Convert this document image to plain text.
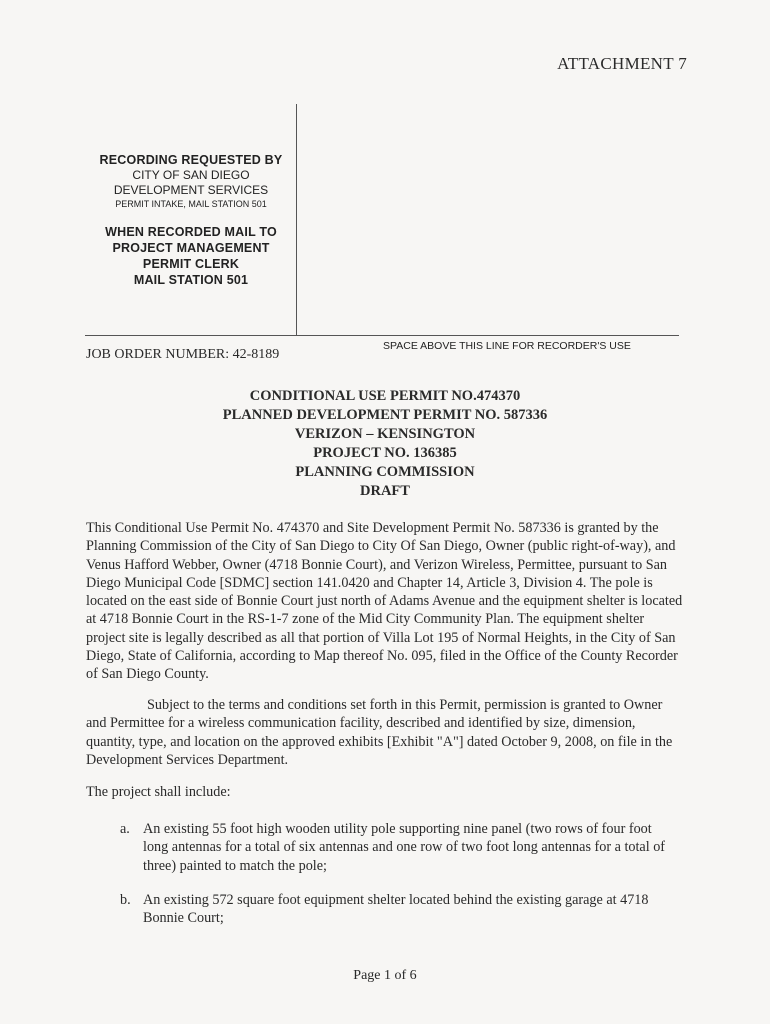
ATTACHMENT 7
RECORDING REQUESTED BY
CITY OF SAN DIEGO
DEVELOPMENT SERVICES
PERMIT INTAKE, MAIL STATION 501
WHEN RECORDED MAIL TO
PROJECT MANAGEMENT
PERMIT CLERK
MAIL STATION 501
SPACE ABOVE THIS LINE FOR RECORDER'S USE
JOB ORDER NUMBER: 42-8189
CONDITIONAL USE PERMIT NO.474370
PLANNED DEVELOPMENT PERMIT NO. 587336
VERIZON – KENSINGTON
PROJECT NO. 136385
PLANNING COMMISSION
DRAFT
This Conditional Use Permit No. 474370 and Site Development Permit No. 587336 is granted by the Planning Commission of the City of San Diego to City Of San Diego, Owner (public right-of-way), and Venus Hafford Webber, Owner (4718 Bonnie Court), and Verizon Wireless, Permittee, pursuant to San Diego Municipal Code [SDMC] section 141.0420 and Chapter 14, Article 3, Division 4. The pole is located on the east side of Bonnie Court just north of Adams Avenue and the equipment shelter is located at 4718 Bonnie Court in the RS-1-7 zone of the Mid City Community Plan. The equipment shelter project site is legally described as all that portion of Villa Lot 195 of Normal Heights, in the City of San Diego, State of California, according to Map thereof No. 095, filed in the Office of the County Recorder of San Diego County.
Subject to the terms and conditions set forth in this Permit, permission is granted to Owner and Permittee for a wireless communication facility, described and identified by size, dimension, quantity, type, and location on the approved exhibits [Exhibit "A"] dated October 9, 2008, on file in the Development Services Department.
The project shall include:
a. An existing 55 foot high wooden utility pole supporting nine panel (two rows of four foot long antennas for a total of six antennas and one row of two foot long antennas for a total of three) painted to match the pole;
b. An existing 572 square foot equipment shelter located behind the existing garage at 4718 Bonnie Court;
Page 1 of 6
